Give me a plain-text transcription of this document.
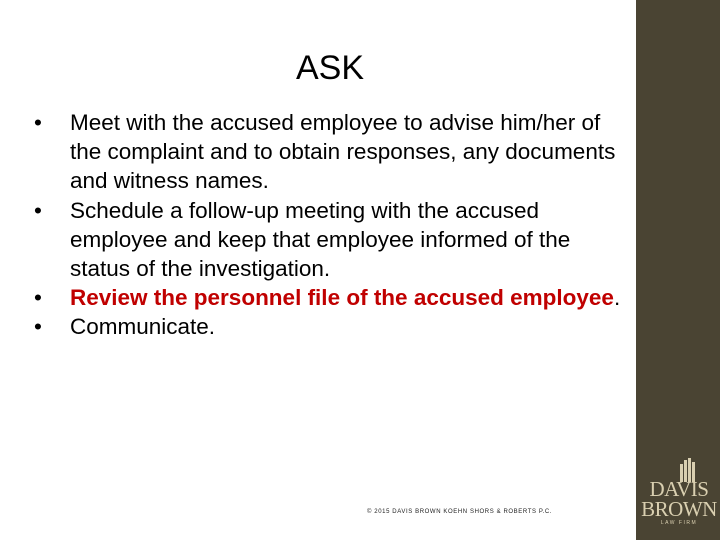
DAVIS
BROWN
LAW FIRM
ASK
•	Meet with the accused employee to advise him/her of the complaint and to obtain responses, any documents and witness names.
•	Schedule a follow-up meeting with the accused employee and keep that employee informed of the status of the investigation.
•	Review the personnel file of the accused employee.
•	Communicate.
© 2015 DAVIS BROWN KOEHN SHORS & ROBERTS P.C.
